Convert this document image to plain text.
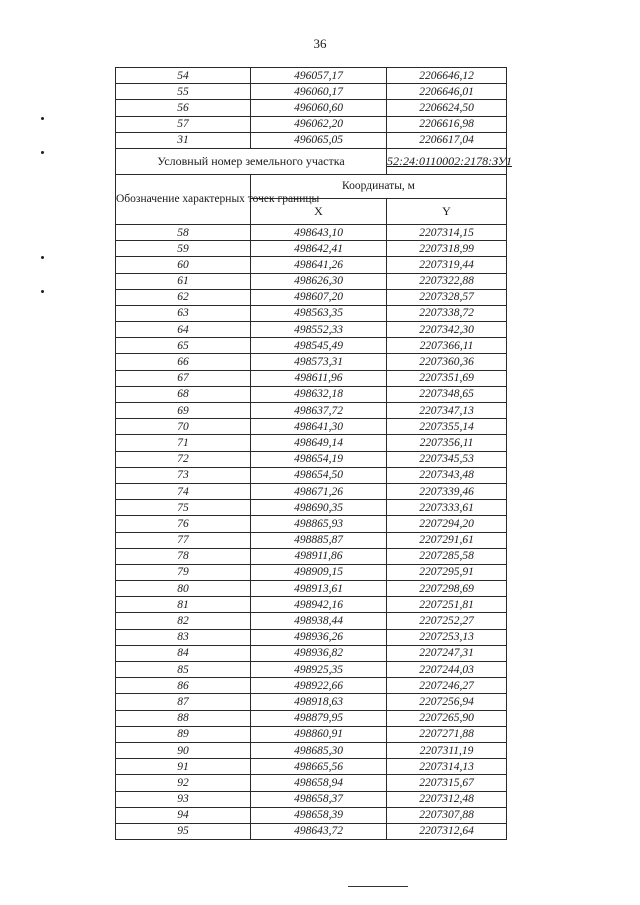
36
54	496057,17	2206646,12
55	496060,17	2206646,01
56	496060,60	2206624,50
57	496062,20	2206616,98
31	496065,05	2206617,04
Условный номер земельного участка		52:24:0110002:2178:ЗУ1
Обозначение характерных точек границы	Координаты, м	
	X	Y
58	498643,10	2207314,15
59	498642,41	2207318,99
60	498641,26	2207319,44
61	498626,30	2207322,88
62	498607,20	2207328,57
63	498563,35	2207338,72
64	498552,33	2207342,30
65	498545,49	2207366,11
66	498573,31	2207360,36
67	498611,96	2207351,69
68	498632,18	2207348,65
69	498637,72	2207347,13
70	498641,30	2207355,14
71	498649,14	2207356,11
72	498654,19	2207345,53
73	498654,50	2207343,48
74	498671,26	2207339,46
75	498690,35	2207333,61
76	498865,93	2207294,20
77	498885,87	2207291,61
78	498911,86	2207285,58
79	498909,15	2207295,91
80	498913,61	2207298,69
81	498942,16	2207251,81
82	498938,44	2207252,27
83	498936,26	2207253,13
84	498936,82	2207247,31
85	498925,35	2207244,03
86	498922,66	2207246,27
87	498918,63	2207256,94
88	498879,95	2207265,90
89	498860,91	2207271,88
90	498685,30	2207311,19
91	498665,56	2207314,13
92	498658,94	2207315,67
93	498658,37	2207312,48
94	498658,39	2207307,88
95	498643,72	2207312,64
